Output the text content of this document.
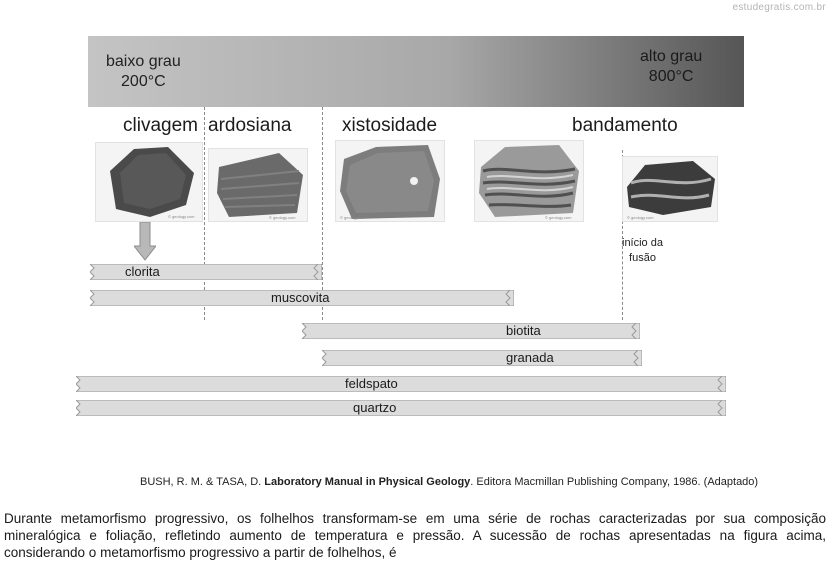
estudegratis.com.br
baixo grau
200°C
alto grau
800°C
clivagem ardosiana	xistosidade	bandamento
© geology.com	© geology.com	© geology.com	© geology.com	© geology.com
início da
fusão
clorita
muscovita
biotita
granada
feldspato
quartzo
BUSH, R. M. & TASA, D. Laboratory Manual in Physical Geology. Editora Macmillan Publishing Company, 1986. (Adaptado)
Durante metamorfismo progressivo, os folhelhos transformam-se em uma série de rochas caracterizadas por sua composição mineralógica e foliação, refletindo aumento de temperatura e pressão. A sucessão de rochas apresentadas na figura acima, considerando o metamorfismo progressivo a partir de folhelhos, é
